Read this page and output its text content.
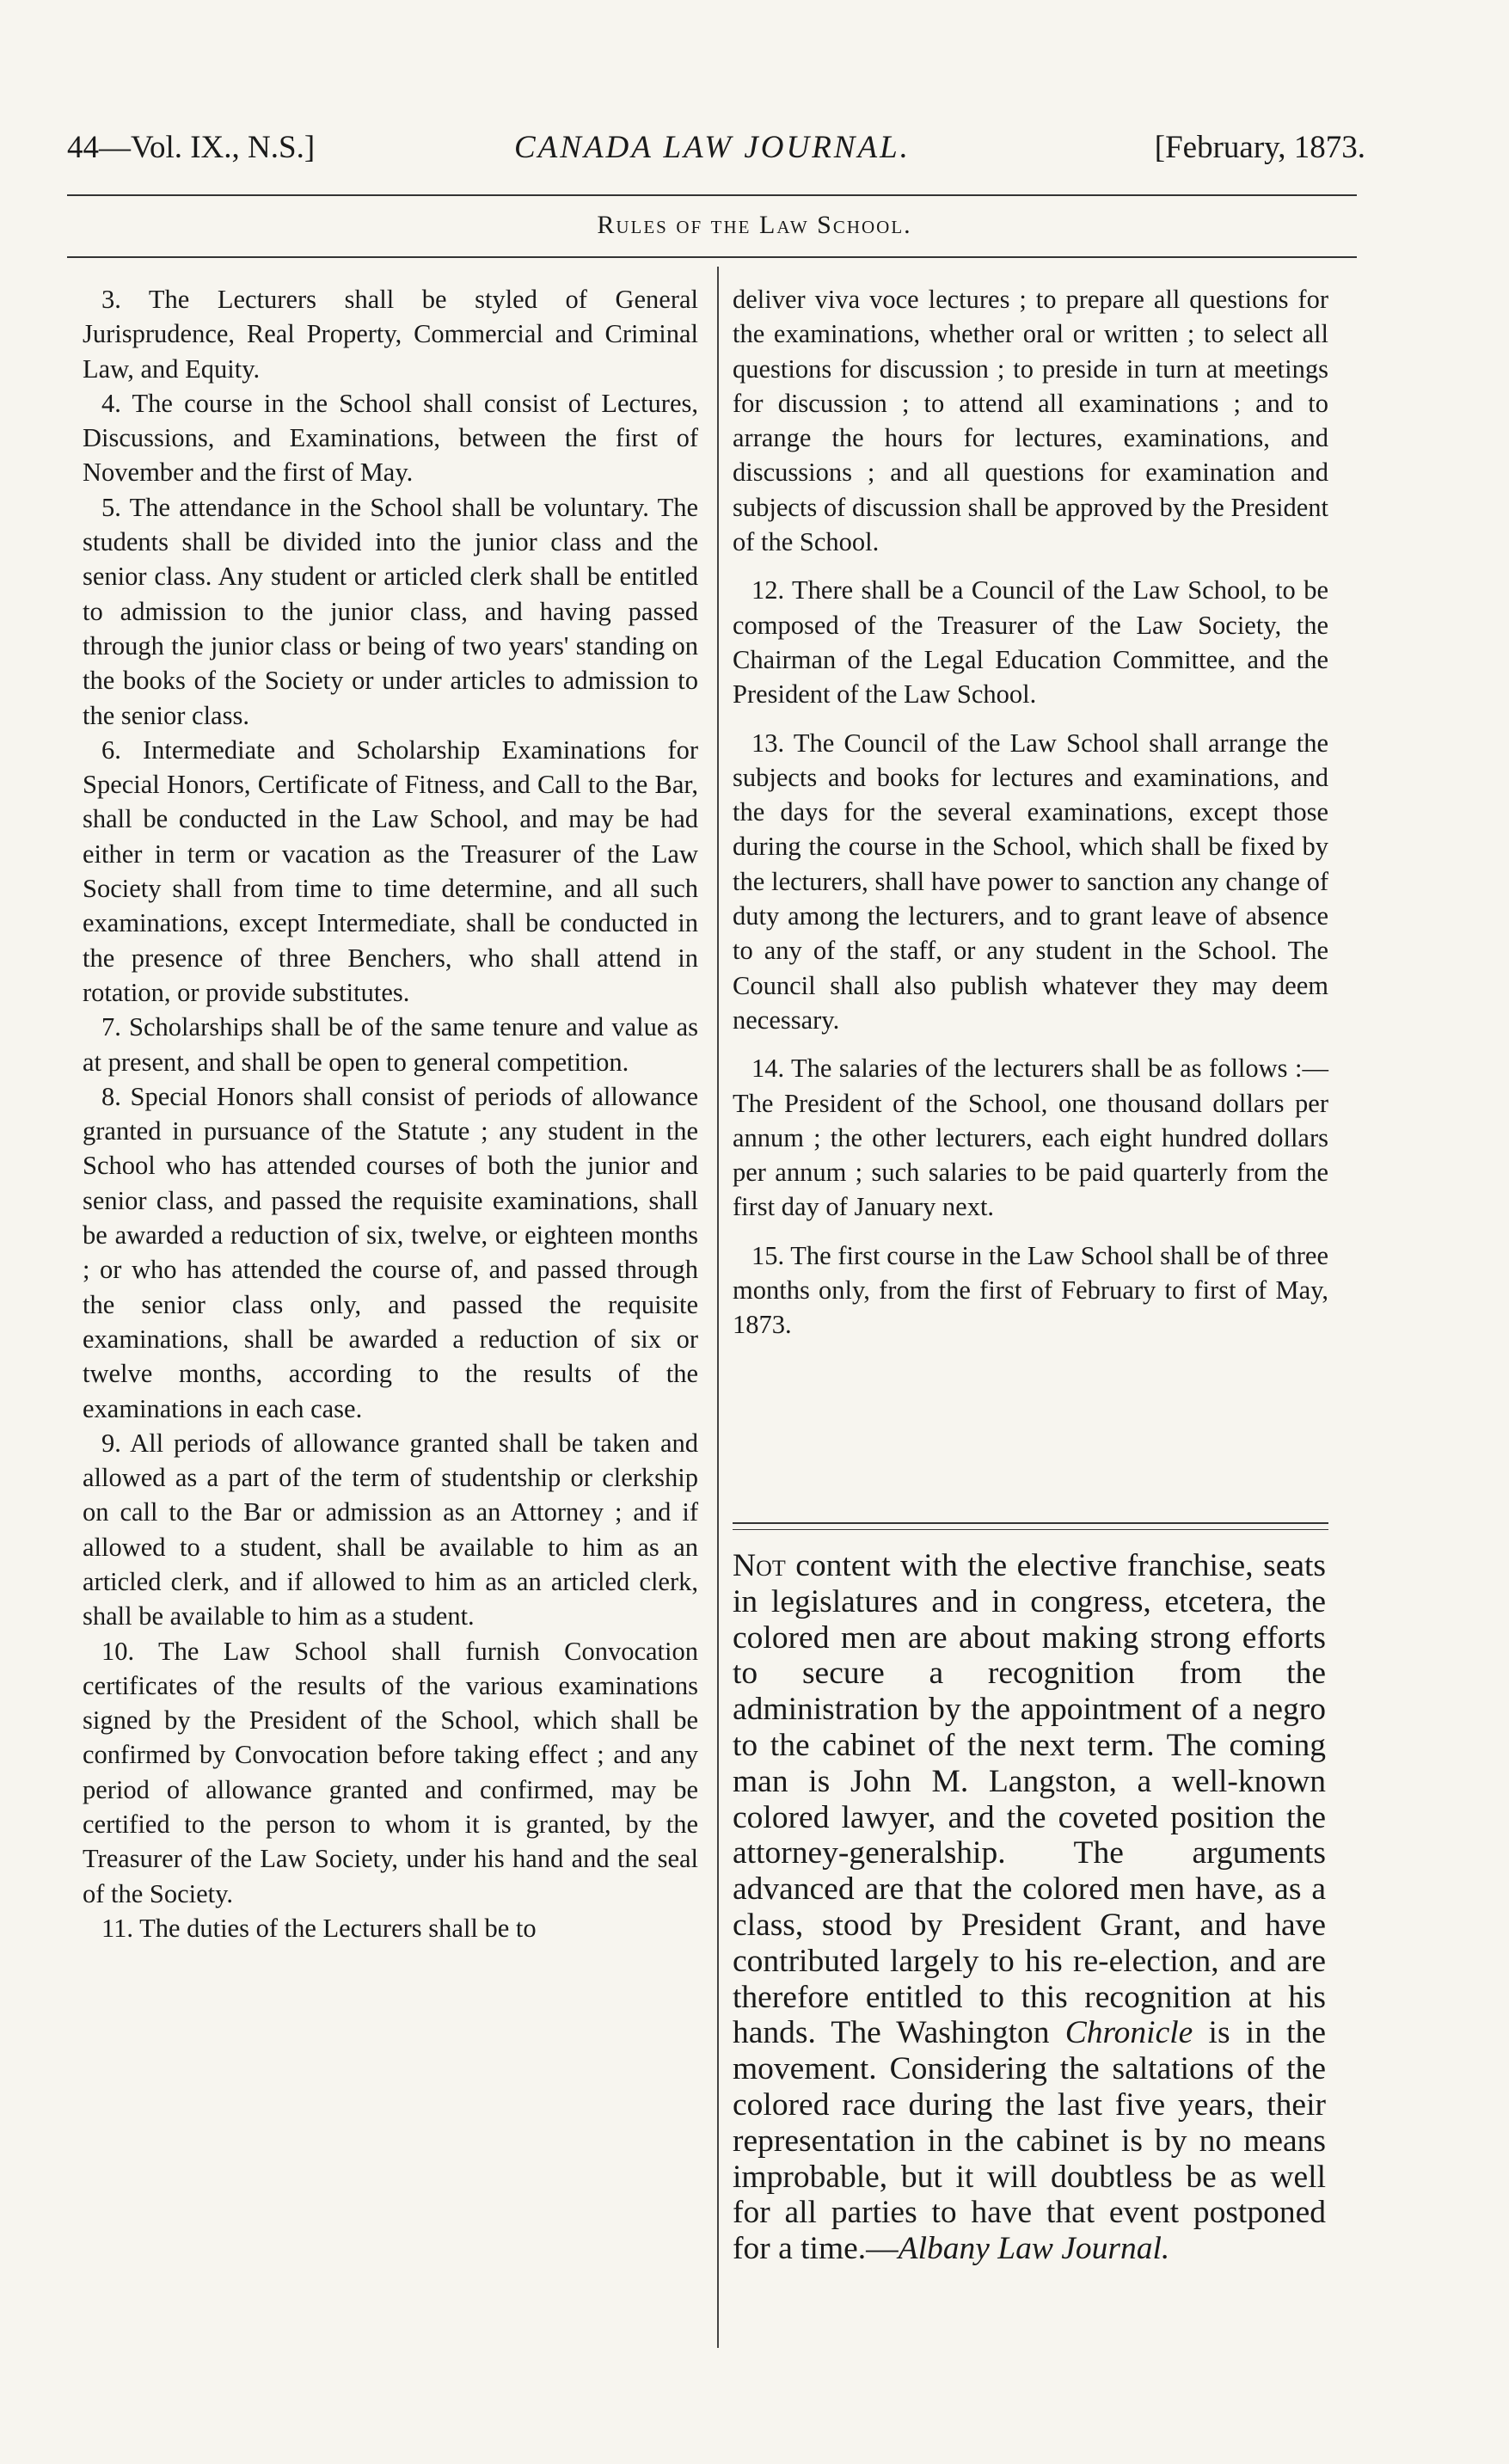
44—Vol. IX., N.S.]	CANADA LAW JOURNAL.	[February, 1873.
Rules of the Law School.

3. The Lecturers shall be styled of General Jurisprudence, Real Property, Commercial and Criminal Law, and Equity.

4. The course in the School shall consist of Lectures, Discussions, and Examinations, between the first of November and the first of May.

5. The attendance in the School shall be voluntary. The students shall be divided into the junior class and the senior class. Any student or articled clerk shall be entitled to admission to the junior class, and having passed through the junior class or being of two years' standing on the books of the Society or under articles to admission to the senior class.

6. Intermediate and Scholarship Examinations for Special Honors, Certificate of Fitness, and Call to the Bar, shall be conducted in the Law School, and may be had either in term or vacation as the Treasurer of the Law Society shall from time to time determine, and all such examinations, except Intermediate, shall be conducted in the presence of three Benchers, who shall attend in rotation, or provide substitutes.

7. Scholarships shall be of the same tenure and value as at present, and shall be open to general competition.

8. Special Honors shall consist of periods of allowance granted in pursuance of the Statute ; any student in the School who has attended courses of both the junior and senior class, and passed the requisite examinations, shall be awarded a reduction of six, twelve, or eighteen months ; or who has attended the course of, and passed through the senior class only, and passed the requisite examinations, shall be awarded a reduction of six or twelve months, according to the results of the examinations in each case.

9. All periods of allowance granted shall be taken and allowed as a part of the term of studentship or clerkship on call to the Bar or admission as an Attorney ; and if allowed to a student, shall be available to him as an articled clerk, and if allowed to him as an articled clerk, shall be available to him as a student.

10. The Law School shall furnish Convocation certificates of the results of the various examinations signed by the President of the School, which shall be confirmed by Convocation before taking effect ; and any period of allowance granted and confirmed, may be certified to the person to whom it is granted, by the Treasurer of the Law Society, under his hand and the seal of the Society.

11. The duties of the Lecturers shall be to

deliver viva voce lectures ; to prepare all questions for the examinations, whether oral or written ; to select all questions for discussion ; to preside in turn at meetings for discussion ; to attend all examinations ; and to arrange the hours for lectures, examinations, and discussions ; and all questions for examination and subjects of discussion shall be approved by the President of the School.

12. There shall be a Council of the Law School, to be composed of the Treasurer of the Law Society, the Chairman of the Legal Education Committee, and the President of the Law School.

13. The Council of the Law School shall arrange the subjects and books for lectures and examinations, and the days for the several examinations, except those during the course in the School, which shall be fixed by the lecturers, shall have power to sanction any change of duty among the lecturers, and to grant leave of absence to any of the staff, or any student in the School. The Council shall also publish whatever they may deem necessary.

14. The salaries of the lecturers shall be as follows :—The President of the School, one thousand dollars per annum ; the other lecturers, each eight hundred dollars per annum ; such salaries to be paid quarterly from the first day of January next.

15. The first course in the Law School shall be of three months only, from the first of February to first of May, 1873.

Not content with the elective franchise, seats in legislatures and in congress, etcetera, the colored men are about making strong efforts to secure a recognition from the administration by the appointment of a negro to the cabinet of the next term. The coming man is John M. Langston, a well-known colored lawyer, and the coveted position the attorney-generalship. The arguments advanced are that the colored men have, as a class, stood by President Grant, and have contributed largely to his re-election, and are therefore entitled to this recognition at his hands. The Washington Chronicle is in the movement. Considering the saltations of the colored race during the last five years, their representation in the cabinet is by no means improbable, but it will doubtless be as well for all parties to have that event postponed for a time.—Albany Law Journal.
